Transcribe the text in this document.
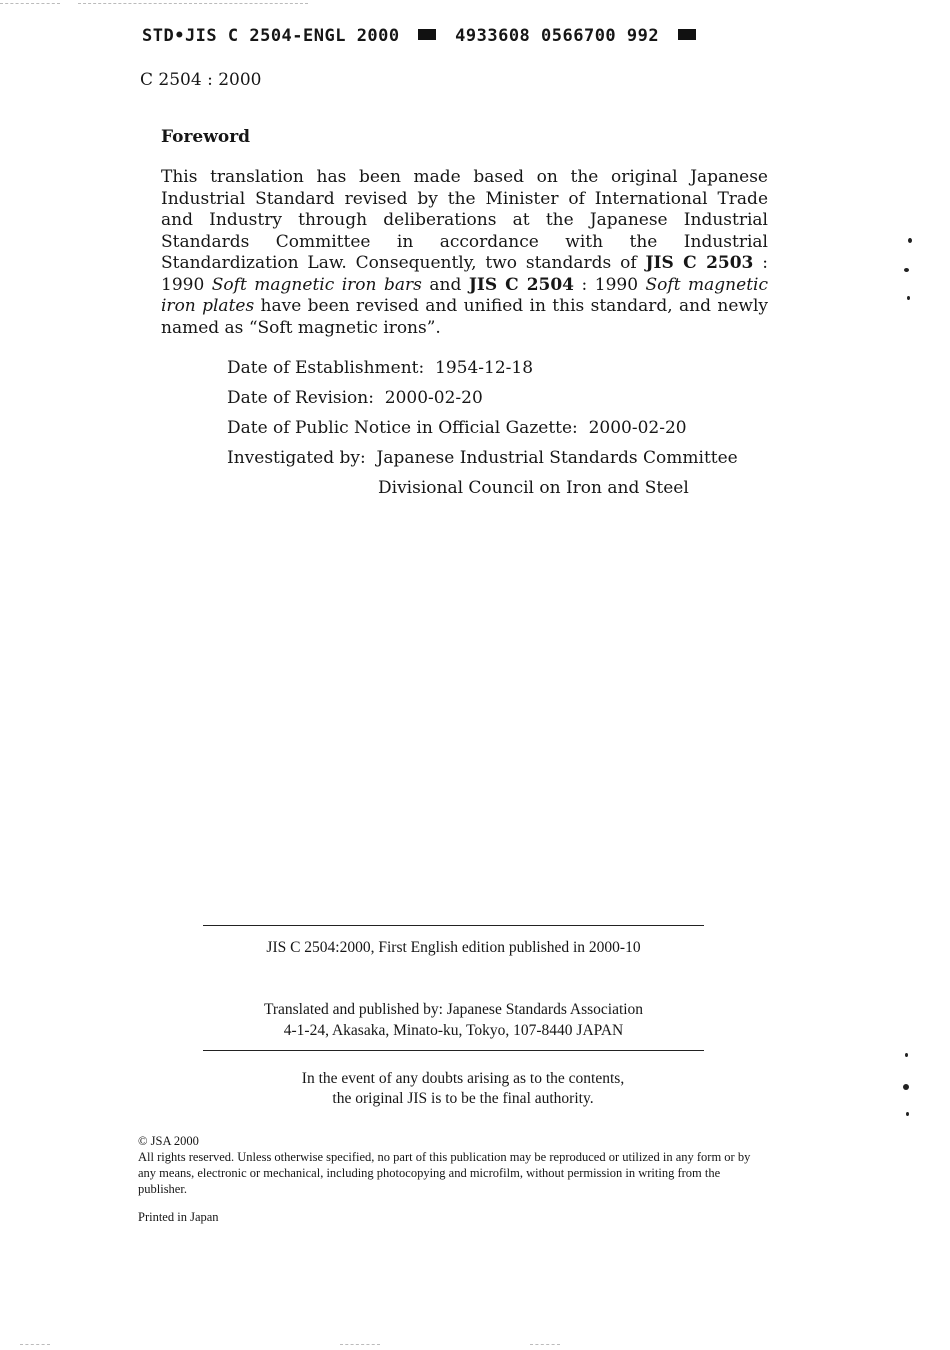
STD•JIS C 2504-ENGL 2000	4933608 0566700 992
C 2504 : 2000
Foreword

This translation has been made based on the original Japanese Industrial Standard revised by the Minister of International Trade and Industry through deliberations at the Japanese Industrial Standards Committee in accordance with the Industrial Standardization Law. Consequently, two standards of JIS C 2503 : 1990 Soft magnetic iron bars and JIS C 2504 : 1990 Soft magnetic iron plates have been revised and unified in this standard, and newly named as “Soft magnetic irons”.

Date of Establishment: 1954-12-18
Date of Revision: 2000-02-20
Date of Public Notice in Official Gazette: 2000-02-20
Investigated by: Japanese Industrial Standards Committee
Divisional Council on Iron and Steel
JIS C 2504:2000, First English edition published in 2000-10
Translated and published by: Japanese Standards Association
4-1-24, Akasaka, Minato-ku, Tokyo, 107-8440 JAPAN
In the event of any doubts arising as to the contents,
the original JIS is to be the final authority.
© JSA 2000
All rights reserved. Unless otherwise specified, no part of this publication may be reproduced or utilized in any form or by any means, electronic or mechanical, including photocopying and microfilm, without permission in writing from the publisher.
Printed in Japan
